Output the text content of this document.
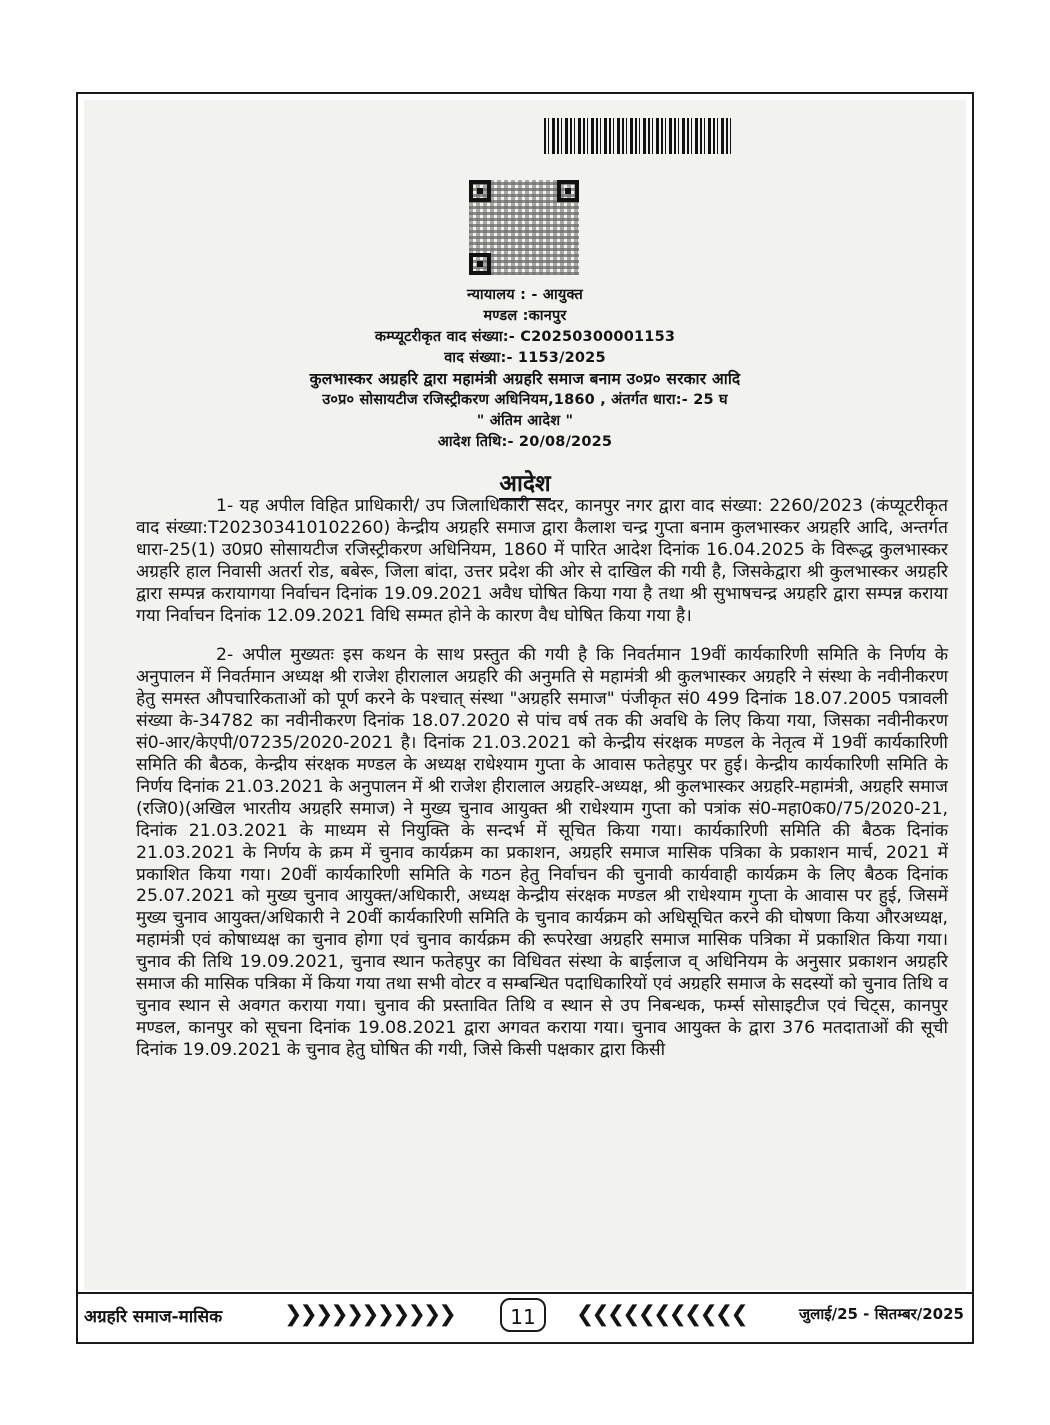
न्यायालय : - आयुक्त
मण्डल :कानपुर
कम्प्यूटरीकृत वाद संख्या:- C20250300001153
वाद संख्या:- 1153/2025
कुलभास्कर अग्रहरि द्वारा महामंत्री अग्रहरि समाज बनाम उ०प्र० सरकार आदि
उ०प्र० सोसायटीज रजिस्ट्रीकरण अधिनियम,1860 , अंतर्गत धारा:- 25 घ
" अंतिम आदेश "
आदेश तिथि:- 20/08/2025
आदेश

1- यह अपील विहित प्राधिकारी/ उप जिलाधिकारी सदर, कानपुर नगर द्वारा वाद संख्या: 2260/2023 (कंप्यूटरीकृत वाद संख्या:T202303410102260) केन्द्रीय अग्रहरि समाज द्वारा कैलाश चन्द्र गुप्ता बनाम कुलभास्कर अग्रहरि आदि, अन्तर्गत धारा-25(1) उ0प्र0 सोसायटीज रजिस्ट्रीकरण अधिनियम, 1860 में पारित आदेश दिनांक 16.04.2025 के विरूद्ध कुलभास्कर अग्रहरि हाल निवासी अतर्रा रोड, बबेरू, जिला बांदा, उत्तर प्रदेश की ओर से दाखिल की गयी है, जिसकेद्वारा श्री कुलभास्कर अग्रहरि द्वारा सम्पन्न करायागया निर्वाचन दिनांक 19.09.2021 अवैध घोषित किया गया है तथा श्री सुभाषचन्द्र अग्रहरि द्वारा सम्पन्न कराया गया निर्वाचन दिनांक 12.09.2021 विधि सम्मत होने के कारण वैध घोषित किया गया है।

2- अपील मुख्यतः इस कथन के साथ प्रस्तुत की गयी है कि निवर्तमान 19वीं कार्यकारिणी समिति के निर्णय के अनुपालन में निवर्तमान अध्यक्ष श्री राजेश हीरालाल अग्रहरि की अनुमति से महामंत्री श्री कुलभास्कर अग्रहरि ने संस्था के नवीनीकरण हेतु समस्त औपचारिकताओं को पूर्ण करने के पश्चात् संस्था "अग्रहरि समाज" पंजीकृत सं0 499 दिनांक 18.07.2005 पत्रावली संख्या के-34782 का नवीनीकरण दिनांक 18.07.2020 से पांच वर्ष तक की अवधि के लिए किया गया, जिसका नवीनीकरण सं0-आर/केएपी/07235/2020-2021 है। दिनांक 21.03.2021 को केन्द्रीय संरक्षक मण्डल के नेतृत्व में 19वीं कार्यकारिणी समिति की बैठक, केन्द्रीय संरक्षक मण्डल के अध्यक्ष राधेश्याम गुप्ता के आवास फतेहपुर पर हुई। केन्द्रीय कार्यकारिणी समिति के निर्णय दिनांक 21.03.2021 के अनुपालन में श्री राजेश हीरालाल अग्रहरि-अध्यक्ष, श्री कुलभास्कर अग्रहरि-महामंत्री, अग्रहरि समाज (रजि0)(अखिल भारतीय अग्रहरि समाज) ने मुख्य चुनाव आयुक्त श्री राधेश्याम गुप्ता को पत्रांक सं0-महा0क0/75/2020-21, दिनांक 21.03.2021 के माध्यम से नियुक्ति के सन्दर्भ में सूचित किया गया। कार्यकारिणी समिति की बैठक दिनांक 21.03.2021 के निर्णय के क्रम में चुनाव कार्यक्रम का प्रकाशन, अग्रहरि समाज मासिक पत्रिका के प्रकाशन मार्च, 2021 में प्रकाशित किया गया। 20वीं कार्यकारिणी समिति के गठन हेतु निर्वाचन की चुनावी कार्यवाही कार्यक्रम के लिए बैठक दिनांक 25.07.2021 को मुख्य चुनाव आयुक्त/अधिकारी, अध्यक्ष केन्द्रीय संरक्षक मण्डल श्री राधेश्याम गुप्ता के आवास पर हुई, जिसमें मुख्य चुनाव आयुक्त/अधिकारी ने 20वीं कार्यकारिणी समिति के चुनाव कार्यक्रम को अधिसूचित करने की घोषणा किया औरअध्यक्ष, महामंत्री एवं कोषाध्यक्ष का चुनाव होगा एवं चुनाव कार्यक्रम की रूपरेखा अग्रहरि समाज मासिक पत्रिका में प्रकाशित किया गया। चुनाव की तिथि 19.09.2021, चुनाव स्थान फतेहपुर का विधिवत संस्था के बाईलाज व् अधिनियम के अनुसार प्रकाशन अग्रहरि समाज की मासिक पत्रिका में किया गया तथा सभी वोटर व सम्बन्धित पदाधिकारियों एवं अग्रहरि समाज के सदस्यों को चुनाव तिथि व चुनाव स्थान से अवगत कराया गया। चुनाव की प्रस्तावित तिथि व स्थान से उप निबन्धक, फर्म्स सोसाइटीज एवं चिट्स, कानपुर मण्डल, कानपुर को सूचना दिनांक 19.08.2021 द्वारा अगवत कराया गया। चुनाव आयुक्त के द्वारा 376 मतदाताओं की सूची दिनांक 19.09.2021 के चुनाव हेतु घोषित की गयी, जिसे किसी पक्षकार द्वारा किसी

अग्रहरि समाज-मासिक	❯❯❯❯❯❯❯❯❯❯❯	11	❮❮❮❮❮❮❮❮❮❮❮	जुलाई/25 - सितम्बर/2025
